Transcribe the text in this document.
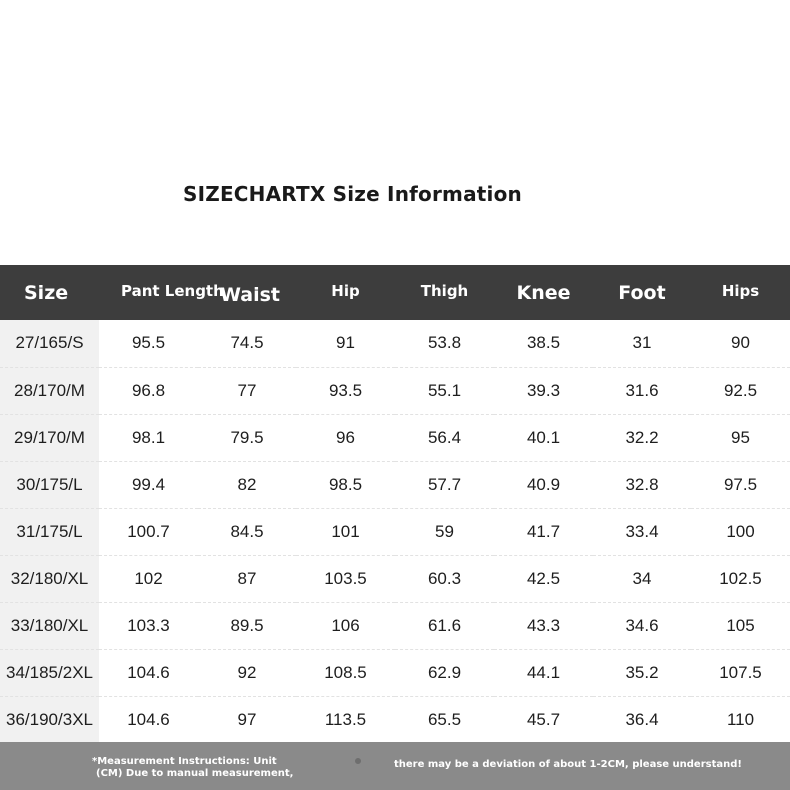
SIZECHARTX Size Information
Size	Pant Length	Waist	Hip	Thigh	Knee	Foot	Hips
27/165/S	95.5	74.5	91	53.8	38.5	31	90
28/170/M	96.8	77	93.5	55.1	39.3	31.6	92.5
29/170/M	98.1	79.5	96	56.4	40.1	32.2	95
30/175/L	99.4	82	98.5	57.7	40.9	32.8	97.5
31/175/L	100.7	84.5	101	59	41.7	33.4	100
32/180/XL	102	87	103.5	60.3	42.5	34	102.5
33/180/XL	103.3	89.5	106	61.6	43.3	34.6	105
34/185/2XL	104.6	92	108.5	62.9	44.1	35.2	107.5
36/190/3XL	104.6	97	113.5	65.5	45.7	36.4	110
*Measurement Instructions: Unit
(CM) Due to manual measurement,
there may be a deviation of about 1-2CM, please understand!
